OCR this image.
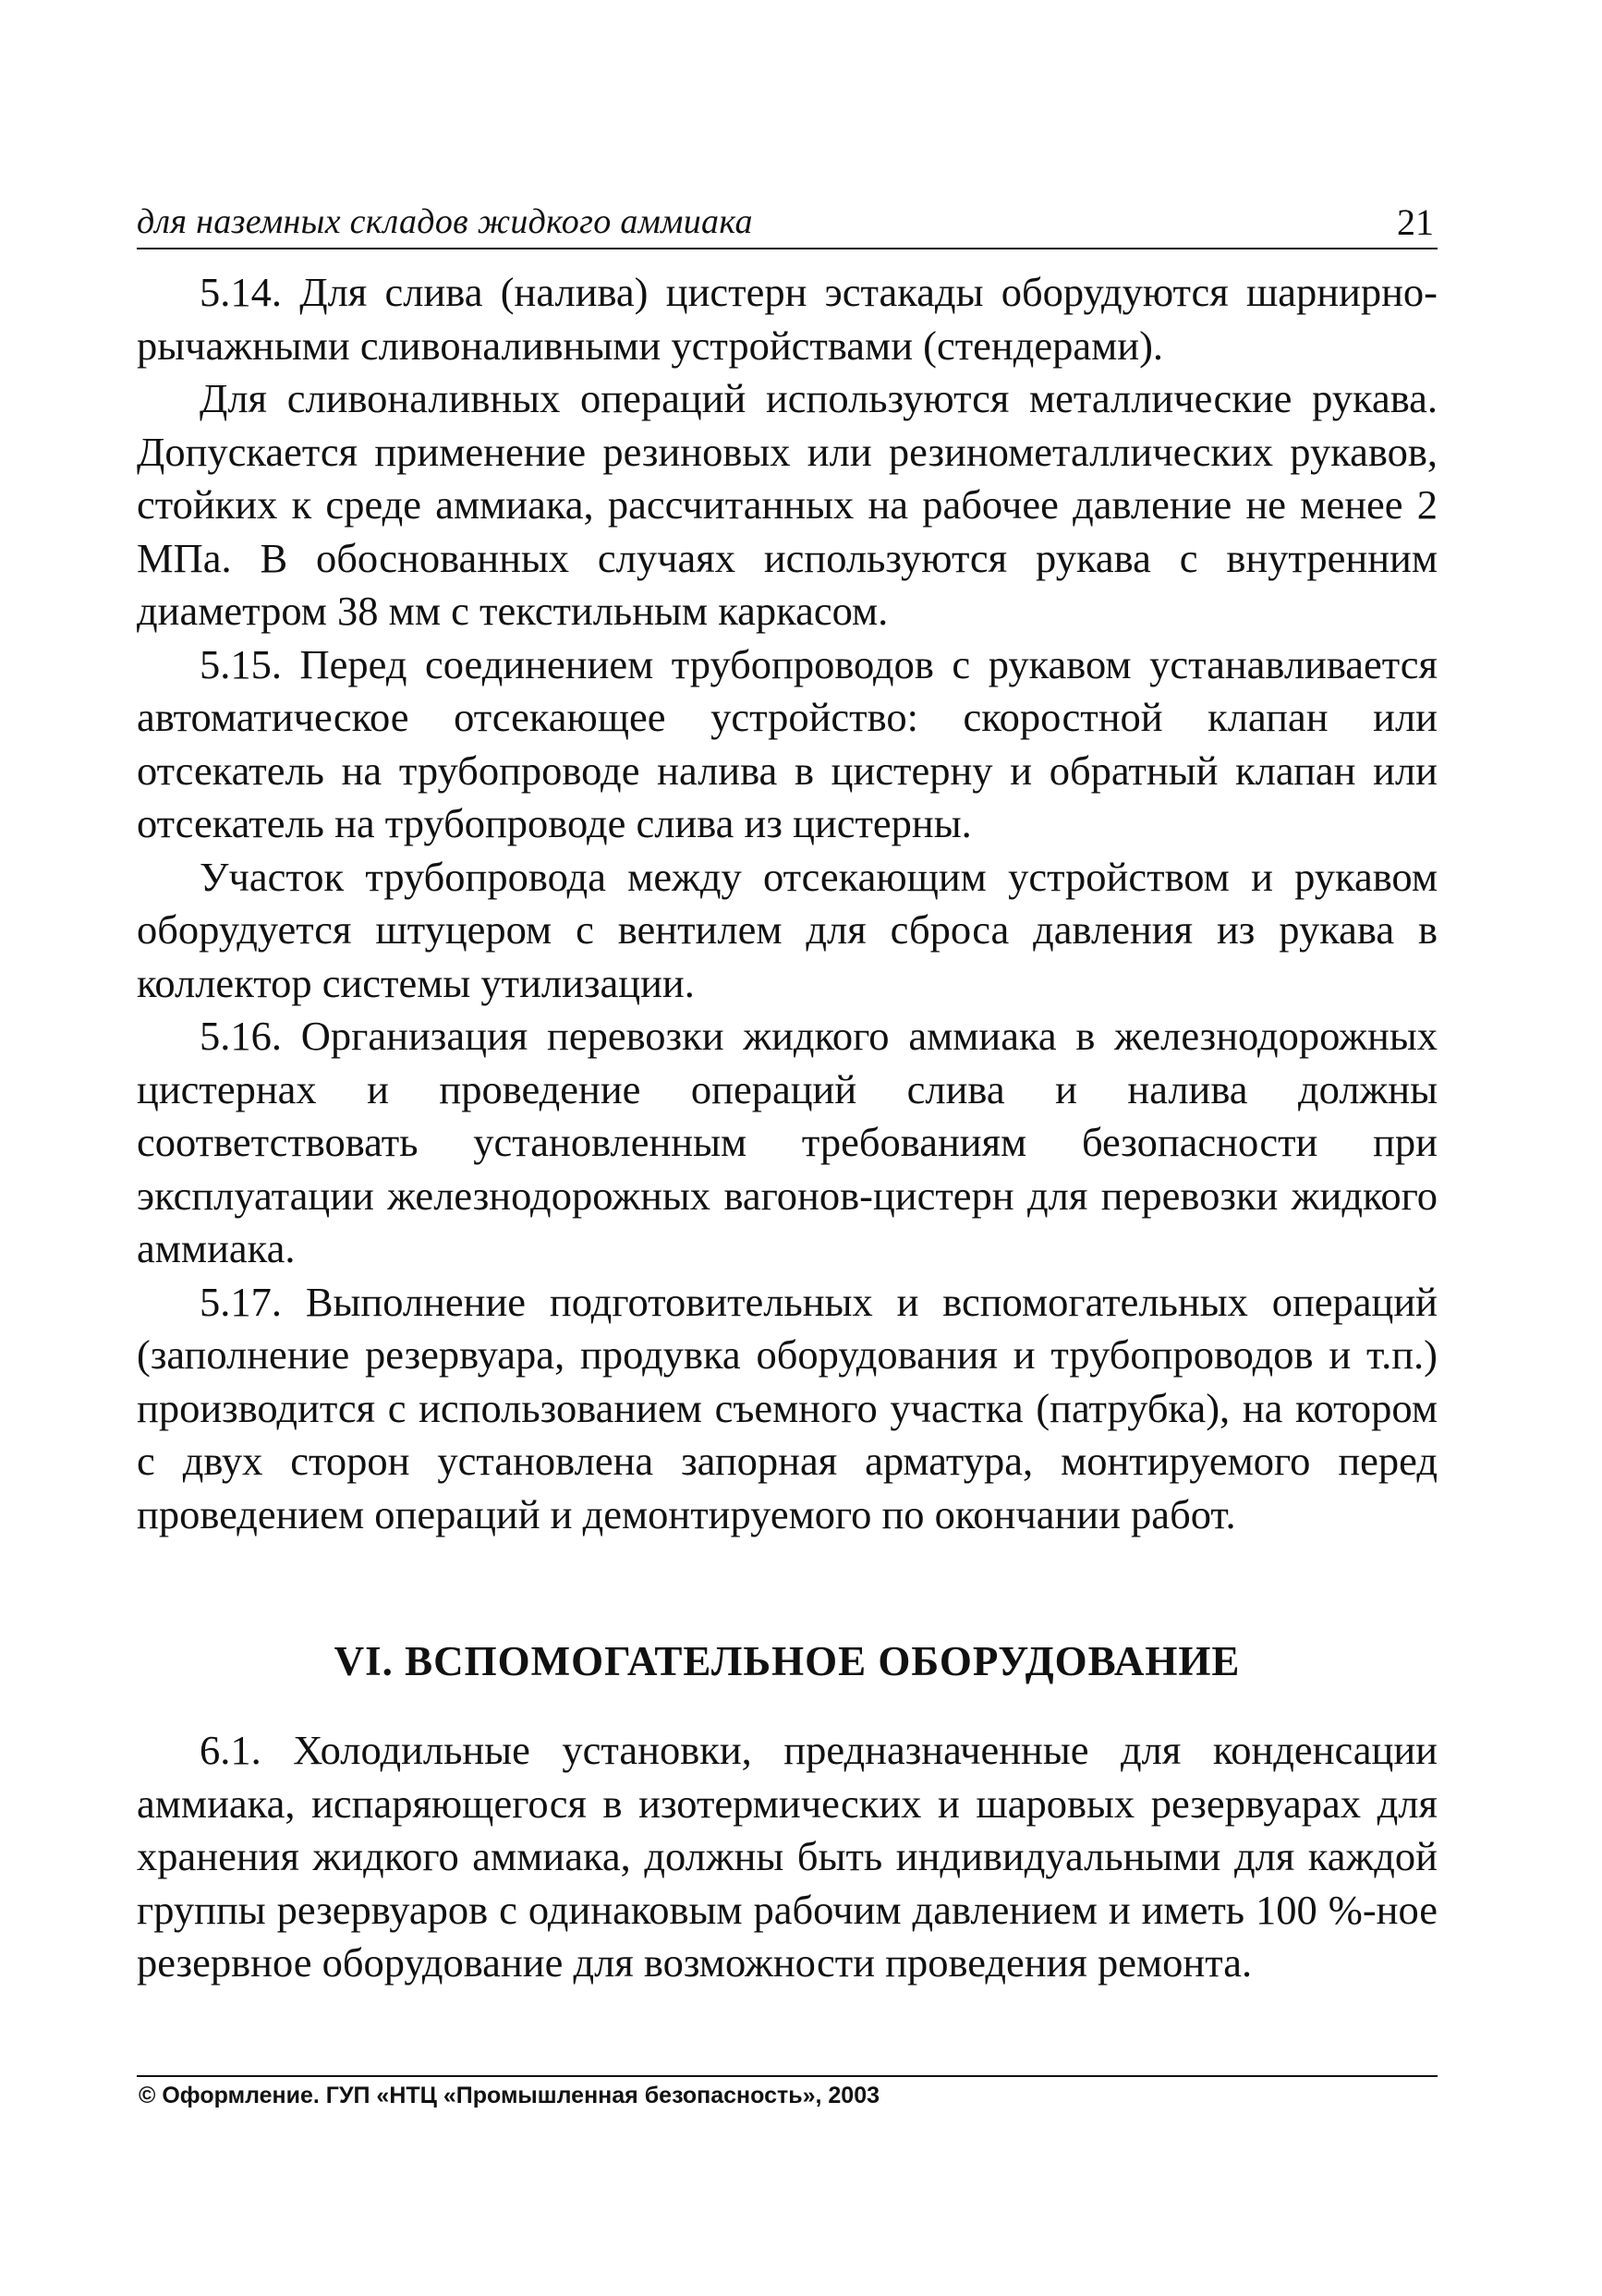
для наземных складов жидкого аммиака	21

5.14. Для слива (налива) цистерн эстакады оборудуются шарнирно-рычажными сливоналивными устройствами (стендерами).

Для сливоналивных операций используются металлические рукава. Допускается применение резиновых или резинометаллических рукавов, стойких к среде аммиака, рассчитанных на рабочее давление не менее 2 МПа. В обоснованных случаях используются рукава с внутренним диаметром 38 мм с текстильным каркасом.

5.15. Перед соединением трубопроводов с рукавом устанавливается автоматическое отсекающее устройство: скоростной клапан или отсекатель на трубопроводе налива в цистерну и обратный клапан или отсекатель на трубопроводе слива из цистерны.

Участок трубопровода между отсекающим устройством и рукавом оборудуется штуцером с вентилем для сброса давления из рукава в коллектор системы утилизации.

5.16. Организация перевозки жидкого аммиака в железнодорожных цистернах и проведение операций слива и налива должны соответствовать установленным требованиям безопасности при эксплуатации железнодорожных вагонов-цистерн для перевозки жидкого аммиака.

5.17. Выполнение подготовительных и вспомогательных операций (заполнение резервуара, продувка оборудования и трубопроводов и т.п.) производится с использованием съемного участка (патрубка), на котором с двух сторон установлена запорная арматура, монтируемого перед проведением операций и демонтируемого по окончании работ.

VI. ВСПОМОГАТЕЛЬНОЕ ОБОРУДОВАНИЕ

6.1. Холодильные установки, предназначенные для конденсации аммиака, испаряющегося в изотермических и шаровых резервуарах для хранения жидкого аммиака, должны быть индивидуальными для каждой группы резервуаров с одинаковым рабочим давлением и иметь 100 %-ное резервное оборудование для возможности проведения ремонта.

© Оформление. ГУП «НТЦ «Промышленная безопасность», 2003
